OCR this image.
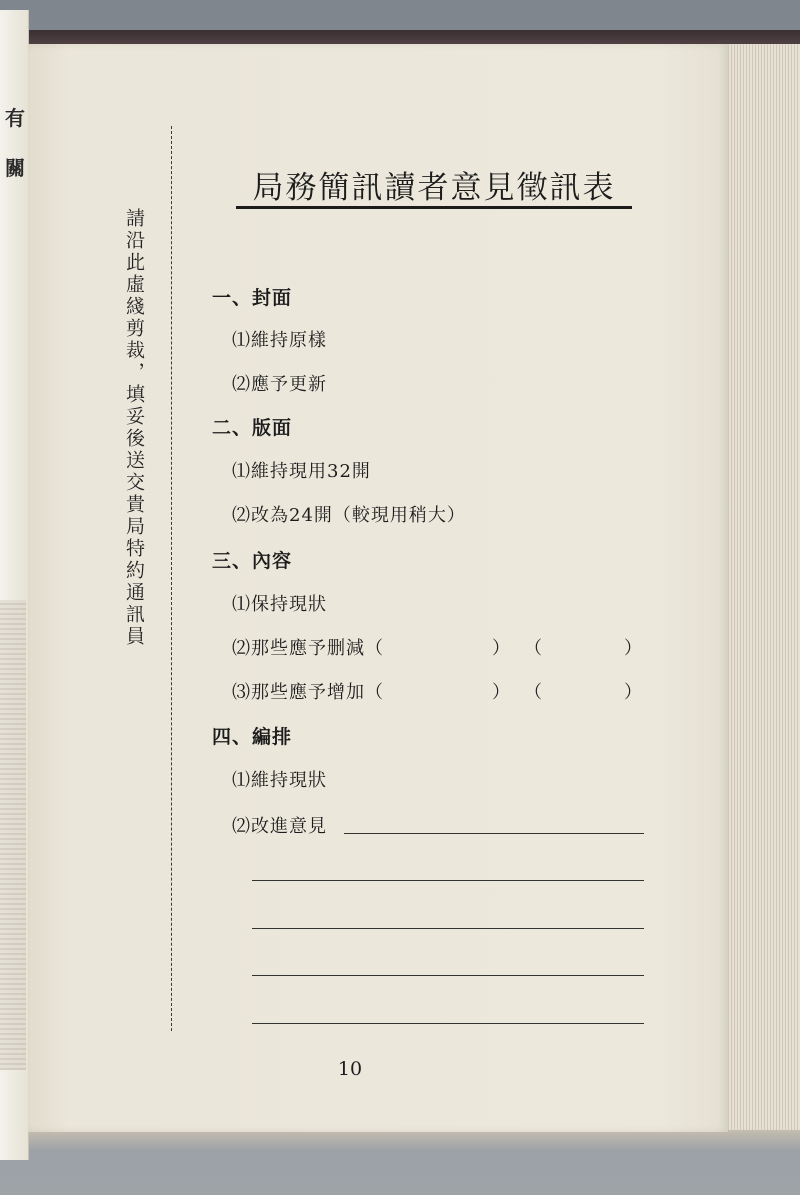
有
關
請沿此虛綫剪裁，填妥後送交貴局特約通訊員
局務簡訊讀者意見徵訊表
一、封面
⑴維持原樣
⑵應予更新
二、版面
⑴維持現用32開
⑵改為24開（較現用稍大）
三、內容
⑴保持現狀
⑵那些應予删減（	） （	）
⑶那些應予增加（	） （	）
四、編排
⑴維持現狀
⑵改進意見
10
